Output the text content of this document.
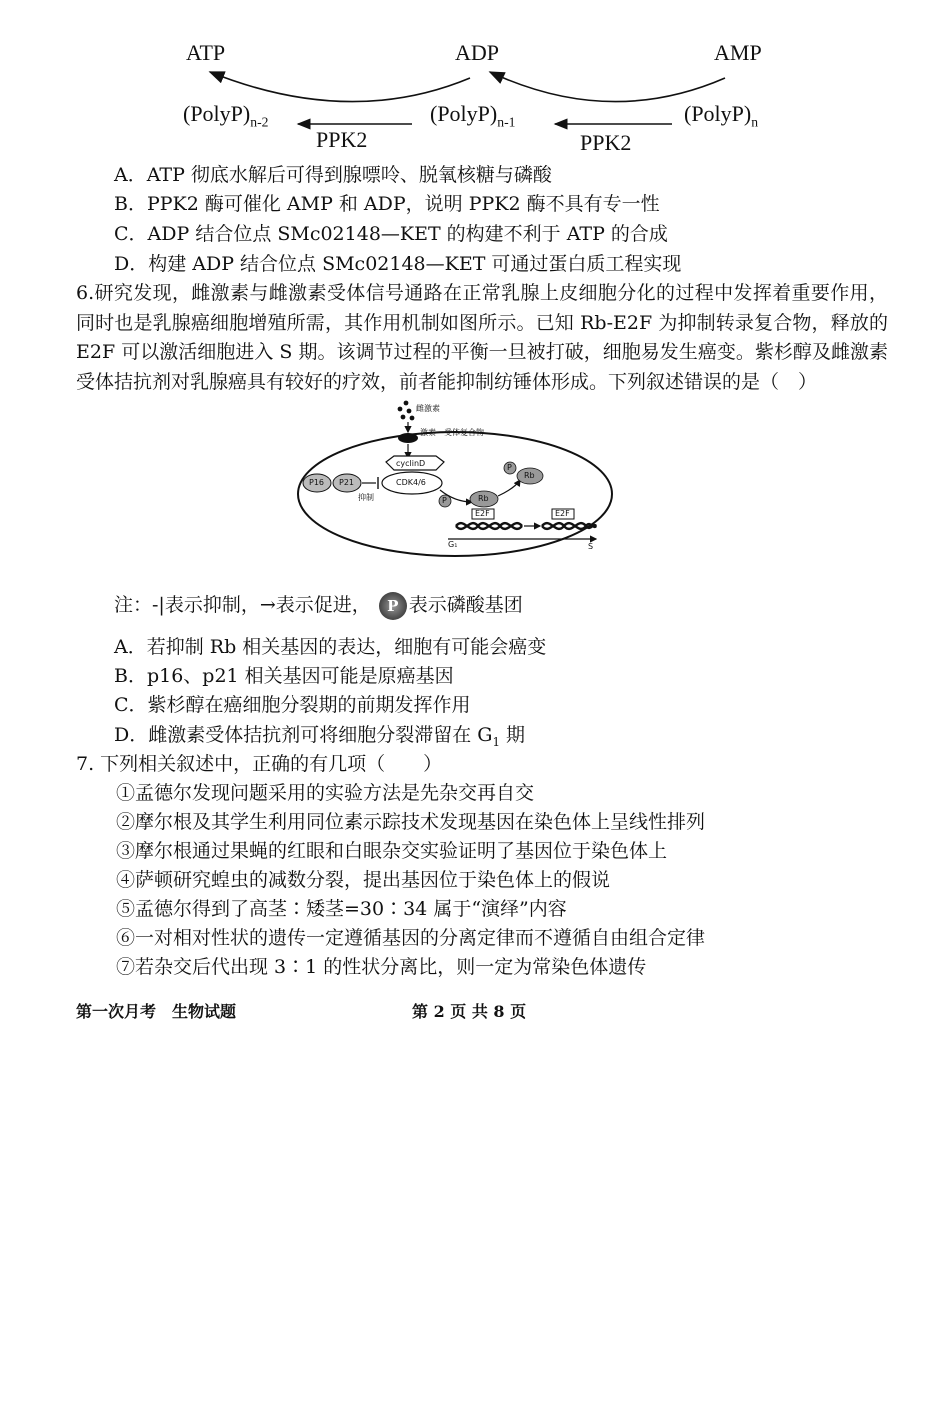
ATP	ADP	AMP
$(PolyP)_{n-2}$	$(PolyP)_{n-1}$	$(PolyP)_n$
PPK2	PPK2
A．ATP 彻底水解后可得到腺嘌呤、脱氧核糖与磷酸
B．PPK2 酶可催化 AMP 和 ADP，说明 PPK2 酶不具有专一性
C．ADP 结合位点 SMc02148—KET 的构建不利于 ATP 的合成
D．构建 ADP 结合位点 SMc02148—KET 可通过蛋白质工程实现
6.研究发现，雌激素与雌激素受体信号通路在正常乳腺上皮细胞分化的过程中发挥着重要作用，同时也是乳腺癌细胞增殖所需，其作用机制如图所示。已知 Rb-E2F 为抑制转录复合物，释放的 E2F 可以激活细胞进入 S 期。该调节过程的平衡一旦被打破，细胞易发生癌变。紫杉醇及雌激素受体拮抗剂对乳腺癌具有较好的疗效，前者能抑制纺锤体形成。下列叙述错误的是（　）
雌激素
激素—受体复合物
cyclinD
CDK4/6
P16 P21
抑制	P	Rb
P
Rb
E2F	E2F
G₁	S
注：-|表示抑制，→表示促进， P 表示磷酸基团
A．若抑制 Rb 相关基因的表达，细胞有可能会癌变
B．p16、p21 相关基因可能是原癌基因
C．紫杉醇在癌细胞分裂期的前期发挥作用
D．雌激素受体拮抗剂可将细胞分裂滞留在 $G_1$ 期
7. 下列相关叙述中，正确的有几项（　　）
①孟德尔发现问题采用的实验方法是先杂交再自交
②摩尔根及其学生利用同位素示踪技术发现基因在染色体上呈线性排列
③摩尔根通过果蝇的红眼和白眼杂交实验证明了基因位于染色体上
④萨顿研究蝗虫的减数分裂，提出基因位于染色体上的假说
⑤孟德尔得到了高茎∶矮茎=30∶34 属于“演绎”内容
⑥一对相对性状的遗传一定遵循基因的分离定律而不遵循自由组合定律
⑦若杂交后代出现 3∶1 的性状分离比，则一定为常染色体遗传
第一次月考　生物试题	第 2 页 共 8 页
